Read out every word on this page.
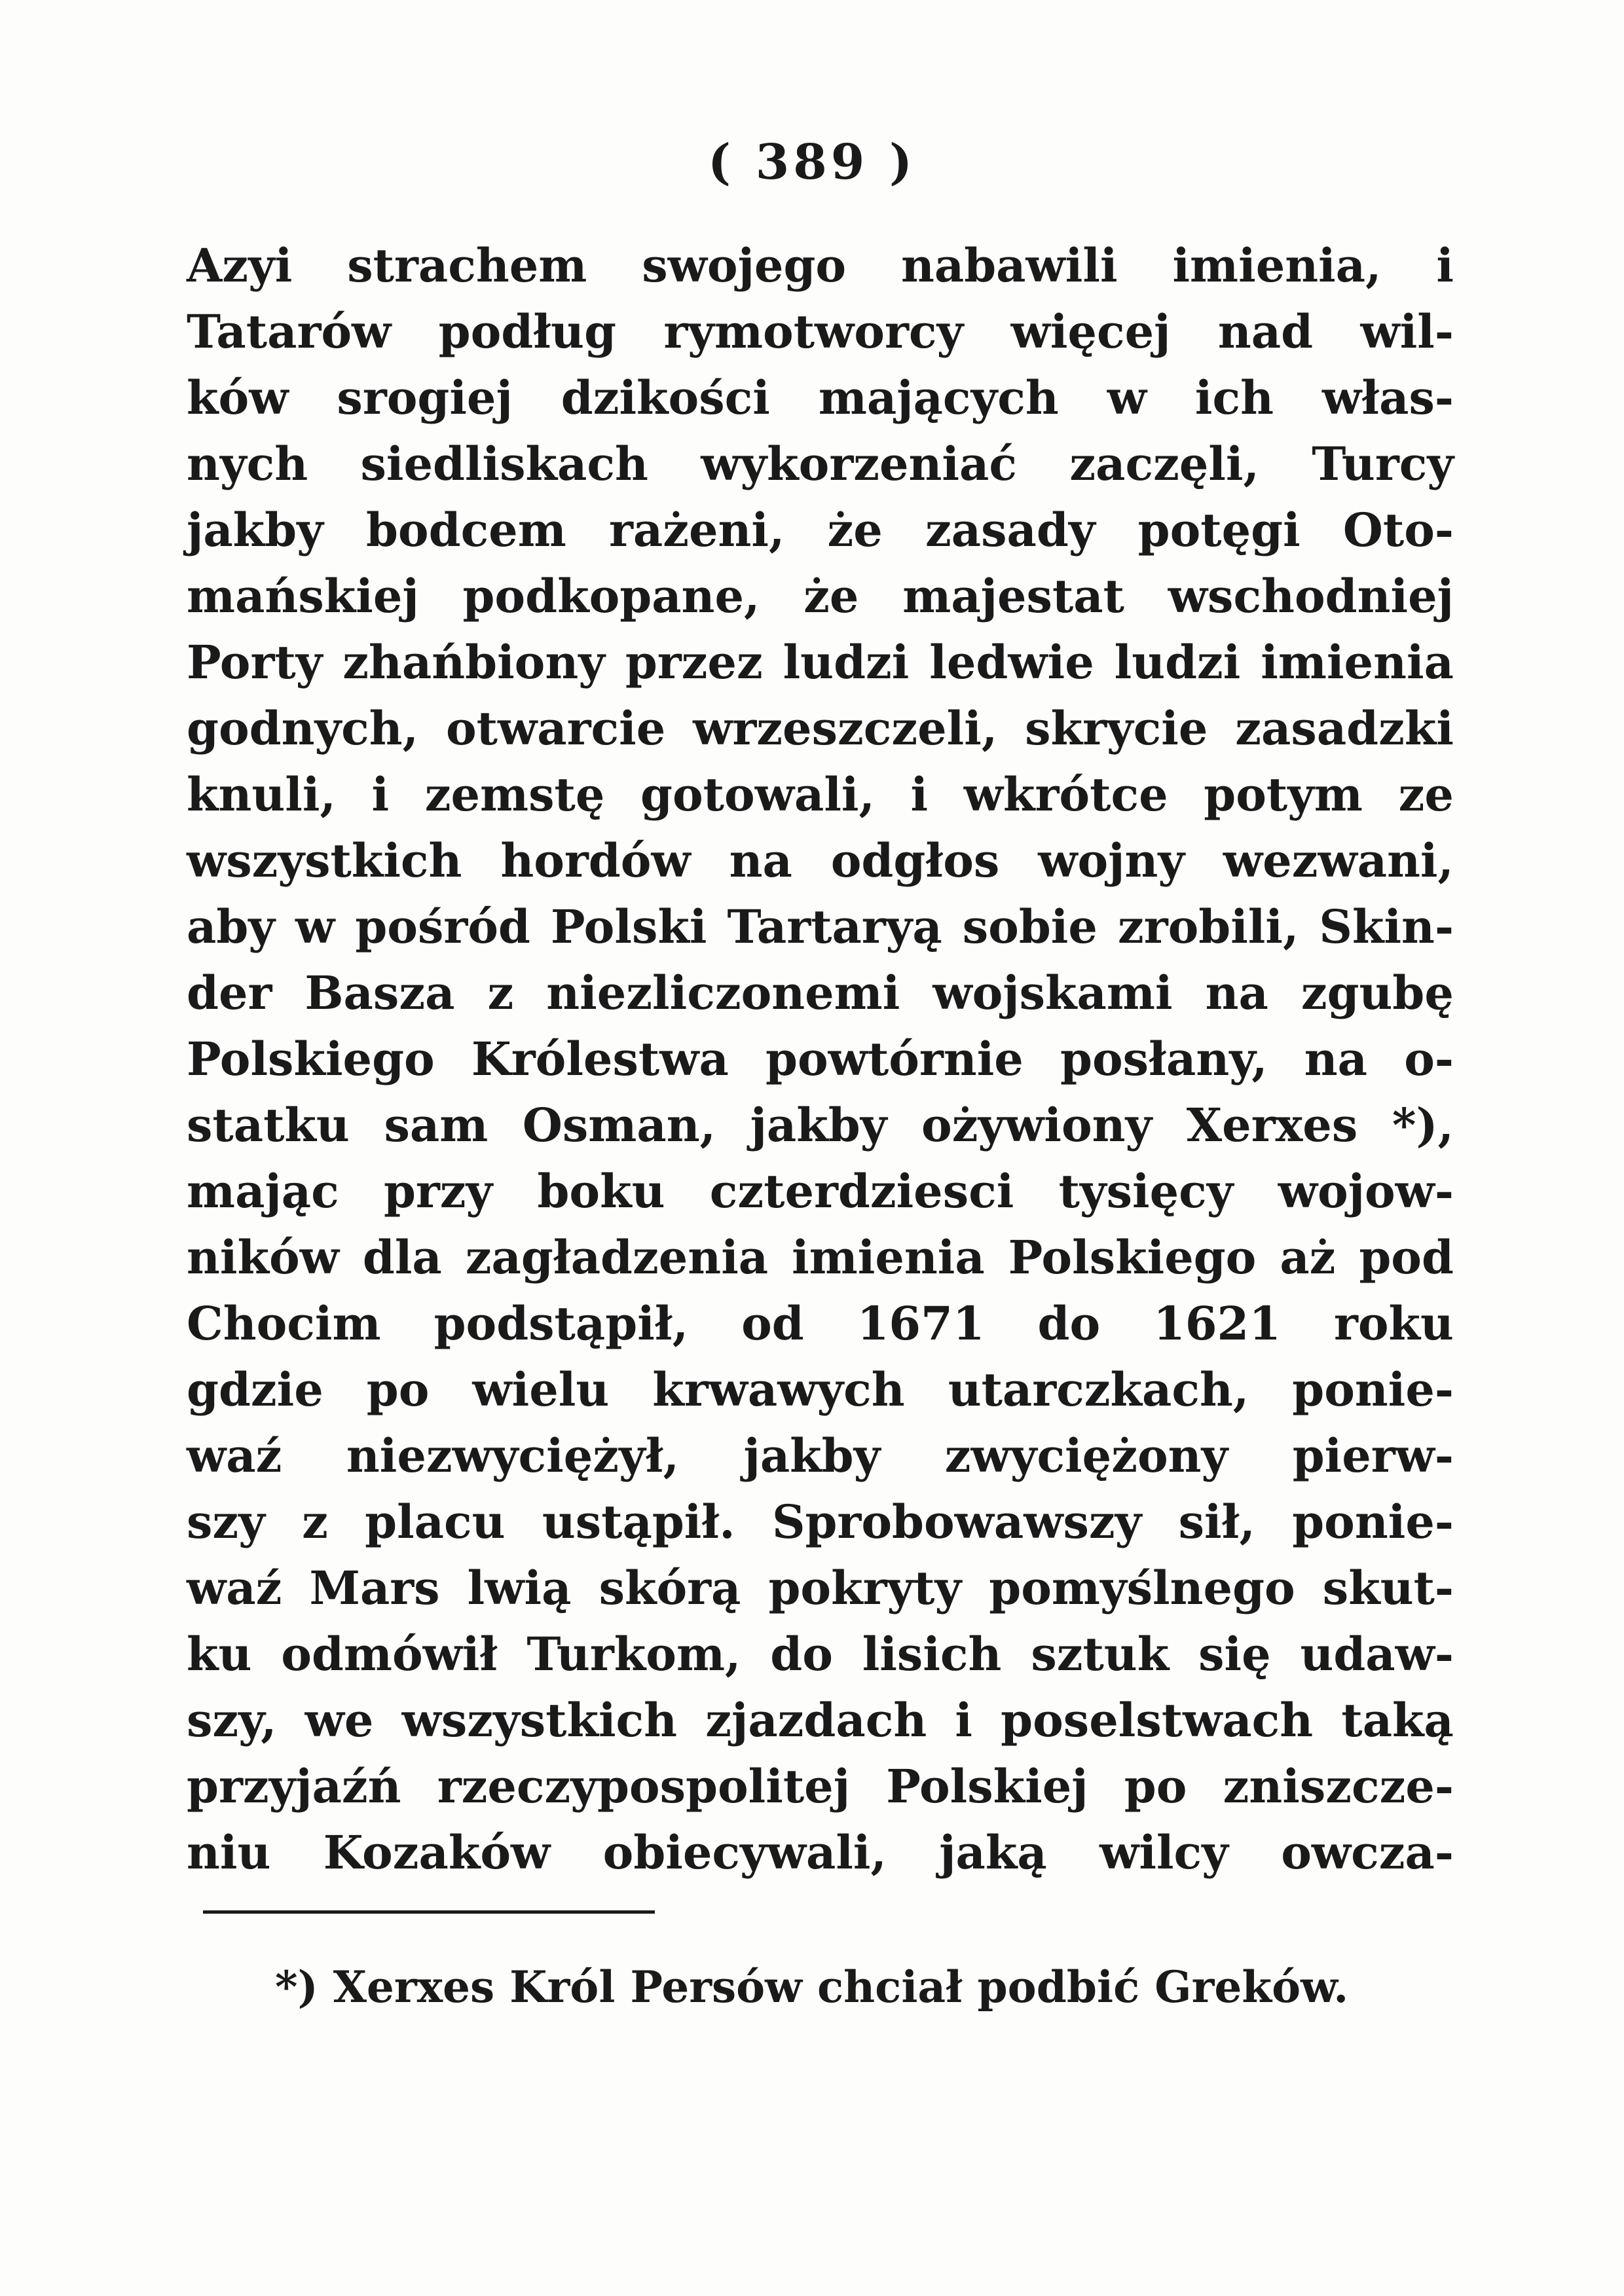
( 389 )
Azyi strachem swojego nabawili imienia, i
Tatarów podług rymotworcy więcej nad wil-
ków srogiej dzikości mających w ich włas-
nych siedliskach wykorzeniać zaczęli, Turcy
jakby bodcem rażeni, że zasady potęgi Oto-
mańskiej podkopane, że majestat wschodniej
Porty zhańbiony przez ludzi ledwie ludzi imienia
godnych, otwarcie wrzeszczeli, skrycie zasadzki
knuli, i zemstę gotowali, i wkrótce potym ze
wszystkich hordów na odgłos wojny wezwani,
aby w pośród Polski Tartaryą sobie zrobili, Skin-
der Basza z niezliczonemi wojskami na zgubę
Polskiego Królestwa powtórnie posłany, na o-
statku sam Osman, jakby ożywiony Xerxes *),
mając przy boku czterdziesci tysięcy wojow-
ników dla zagładzenia imienia Polskiego aż pod
Chocim podstąpił, od 1671 do 1621 roku
gdzie po wielu krwawych utarczkach, ponie-
waź niezwyciężył, jakby zwyciężony pierw-
szy z placu ustąpił. Sprobowawszy sił, ponie-
waź Mars lwią skórą pokryty pomyślnego skut-
ku odmówił Turkom, do lisich sztuk się udaw-
szy, we wszystkich zjazdach i poselstwach taką
przyjaźń rzeczypospolitej Polskiej po zniszcze-
niu Kozaków obiecywali, jaką wilcy owcza-
*) Xerxes Król Persów chciał podbić Greków.
